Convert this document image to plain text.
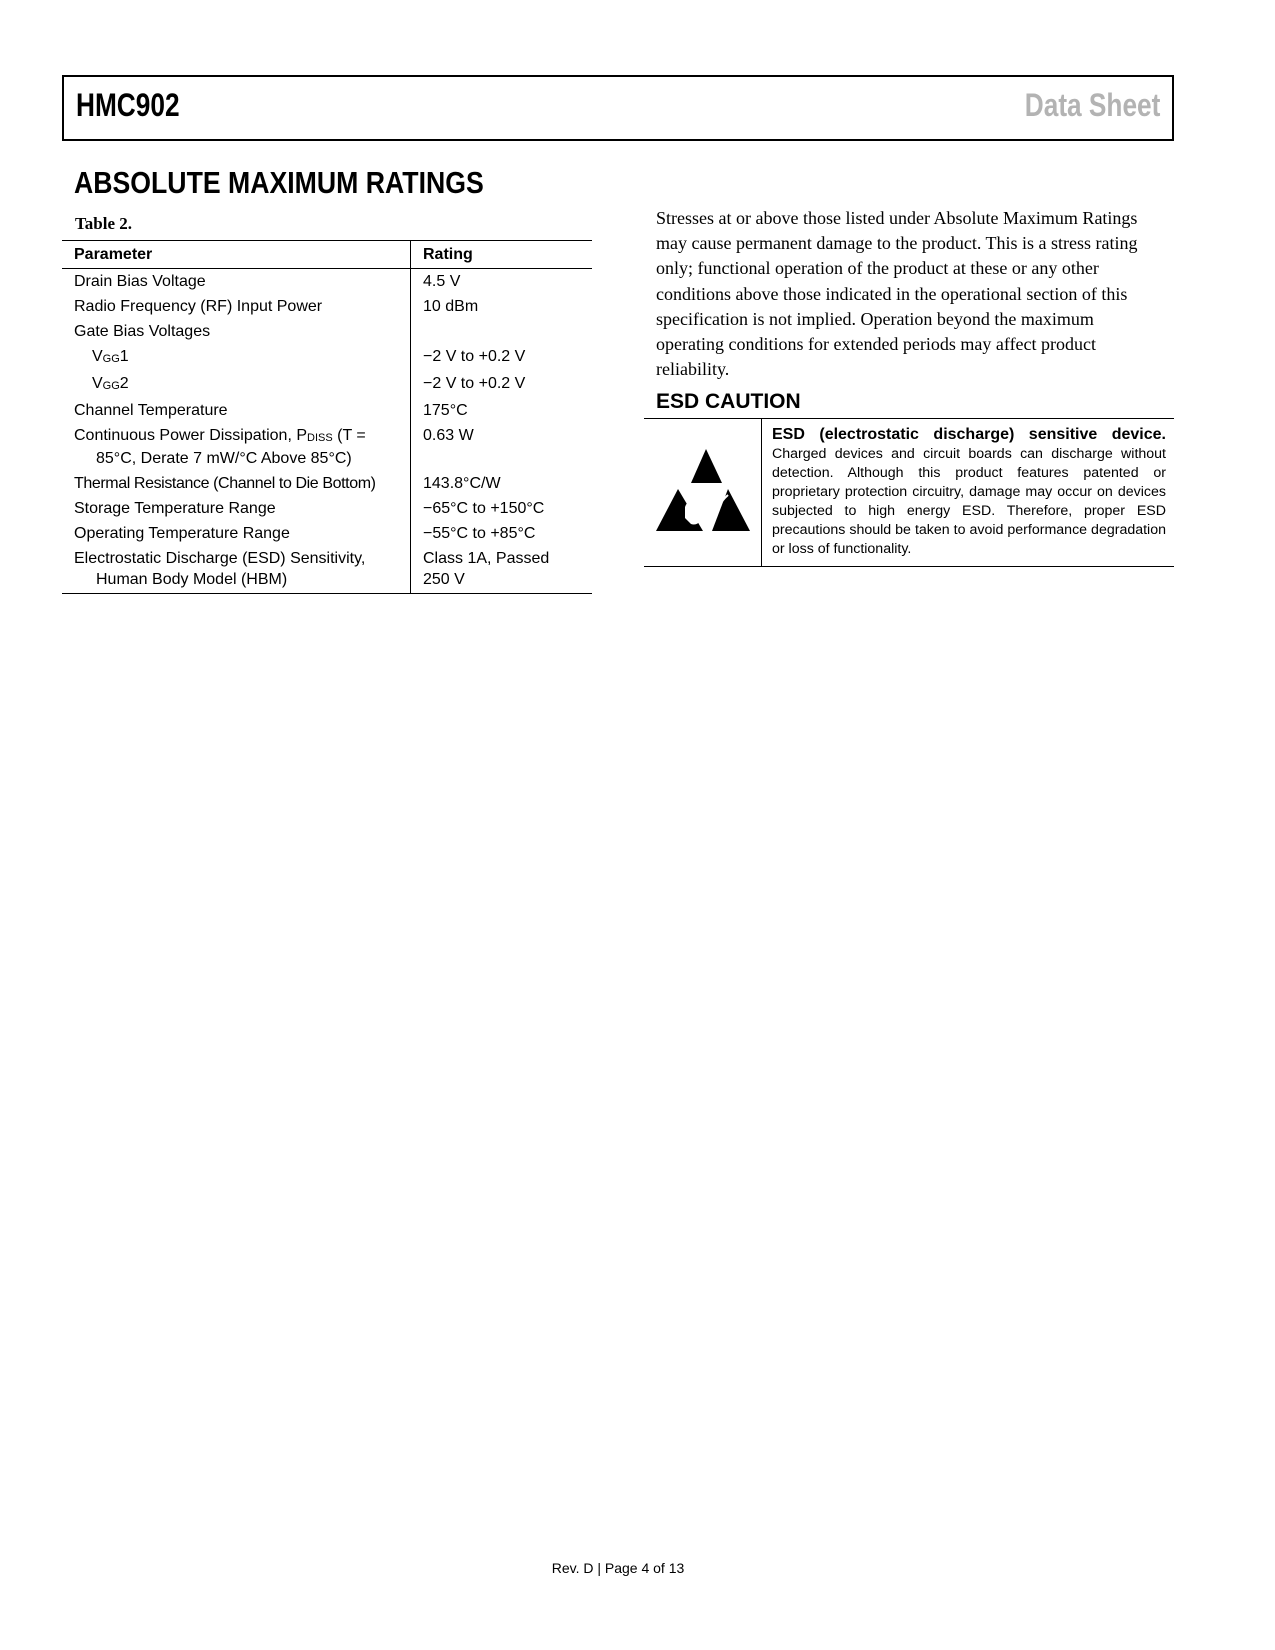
HMC902	Data Sheet
ABSOLUTE MAXIMUM RATINGS
Table 2.
Parameter	Rating
Drain Bias Voltage	4.5 V
Radio Frequency (RF) Input Power	10 dBm
Gate Bias Voltages	
$V_{GG}1$	−2 V to +0.2 V
$V_{GG}2$	−2 V to +0.2 V
Channel Temperature	175°C
Continuous Power Dissipation, $P_{DISS}$ (T =
85°C, Derate 7 mW/°C Above 85°C)	0.63 W
Thermal Resistance (Channel to Die Bottom)	143.8°C/W
Storage Temperature Range	−65°C to +150°C
Operating Temperature Range	−55°C to +85°C
Electrostatic Discharge (ESD) Sensitivity,
Human Body Model (HBM)	Class 1A, Passed
250 V
Stresses at or above those listed under Absolute Maximum Ratings may cause permanent damage to the product. This is a stress rating only; functional operation of the product at these or any other conditions above those indicated in the operational section of this specification is not implied. Operation beyond the maximum operating conditions for extended periods may affect product reliability.
ESD CAUTION
ESD (electrostatic discharge) sensitive device. Charged devices and circuit boards can discharge without detection. Although this product features patented or proprietary protection circuitry, damage may occur on devices subjected to high energy ESD. Therefore, proper ESD precautions should be taken to avoid performance degradation or loss of functionality.
Rev. D | Page 4 of 13
